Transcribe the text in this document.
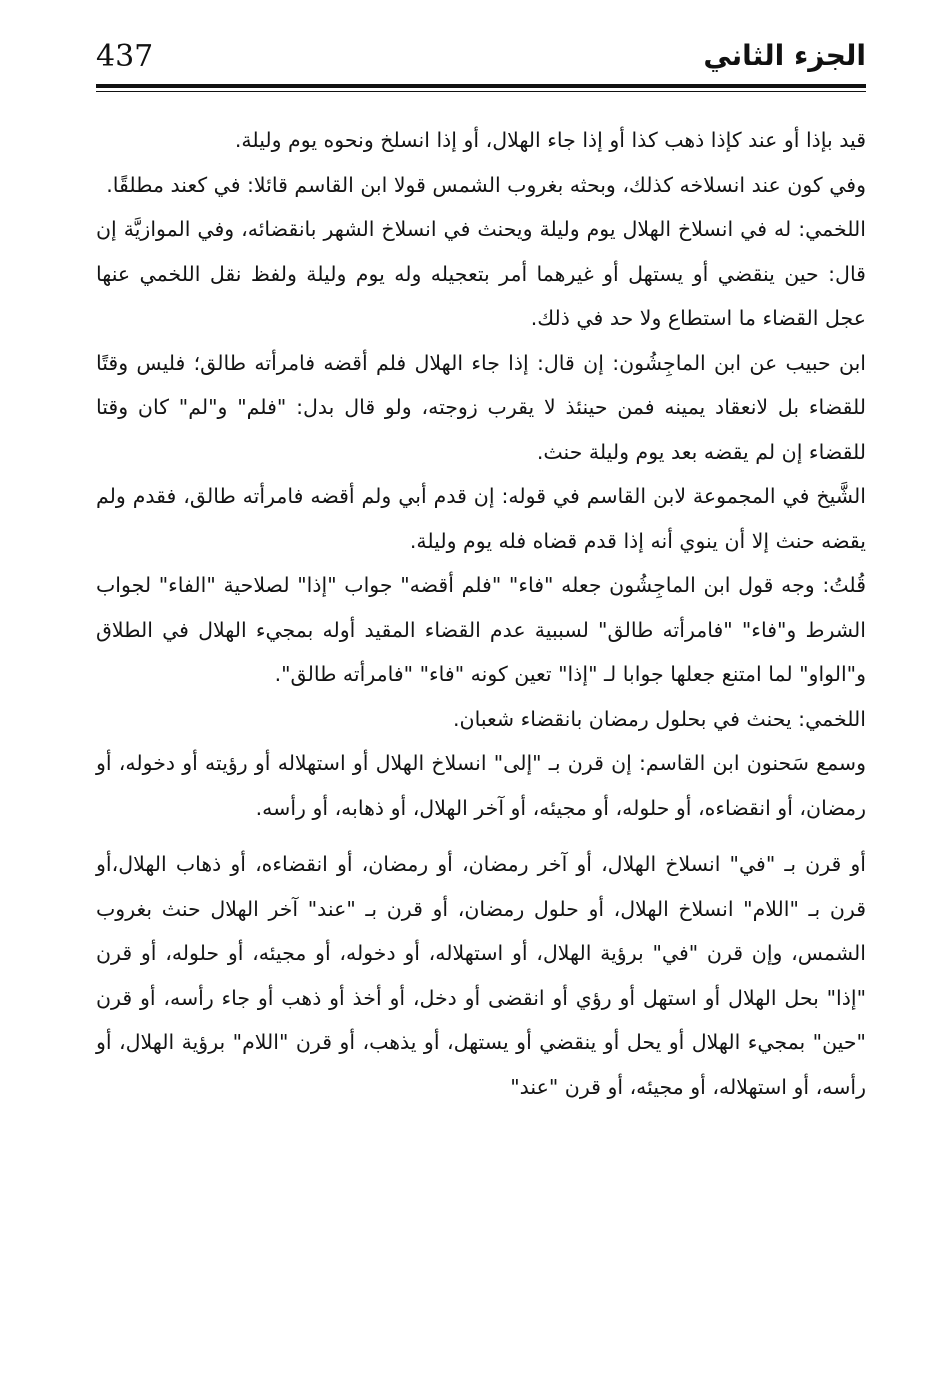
437	الجزء الثاني

قيد بإذا أو عند كإذا ذهب كذا أو إذا جاء الهلال، أو إذا انسلخ ونحوه يوم وليلة.

وفي كون عند انسلاخه كذلك، وبحثه بغروب الشمس قولا ابن القاسم قائلا: في كعند مطلقًا.

اللخمي: له في انسلاخ الهلال يوم وليلة ويحنث في انسلاخ الشهر بانقضائه، وفي الموازيَّة إن قال: حين ينقضي أو يستهل أو غيرهما أمر بتعجيله وله يوم وليلة ولفظ نقل اللخمي عنها عجل القضاء ما استطاع ولا حد في ذلك.

ابن حبيب عن ابن الماجِشُون: إن قال: إذا جاء الهلال فلم أقضه فامرأته طالق؛ فليس وقتًا للقضاء بل لانعقاد يمينه فمن حينئذ لا يقرب زوجته، ولو قال بدل: "فلم" و"لم" كان وقتا للقضاء إن لم يقضه بعد يوم وليلة حنث.

الشَّيخ في المجموعة لابن القاسم في قوله: إن قدم أبي ولم أقضه فامرأته طالق، فقدم ولم يقضه حنث إلا أن ينوي أنه إذا قدم قضاه فله يوم وليلة.

قُلتُ: وجه قول ابن الماجِشُون جعله "فاء" "فلم أقضه" جواب "إذا" لصلاحية "الفاء" لجواب الشرط و"فاء" "فامرأته طالق" لسببية عدم القضاء المقيد أوله بمجيء الهلال في الطلاق و"الواو" لما امتنع جعلها جوابا لـ "إذا" تعين كونه "فاء" "فامرأته طالق".

اللخمي: يحنث في بحلول رمضان بانقضاء شعبان.

وسمع سَحنون ابن القاسم: إن قرن بـ "إلى" انسلاخ الهلال أو استهلاله أو رؤيته أو دخوله، أو رمضان، أو انقضاءه، أو حلوله، أو مجيئه، أو آخر الهلال، أو ذهابه، أو رأسه.

أو قرن بـ "في" انسلاخ الهلال، أو آخر رمضان، أو رمضان، أو انقضاءه، أو ذهاب الهلال،أو قرن بـ "اللام" انسلاخ الهلال، أو حلول رمضان، أو قرن بـ "عند" آخر الهلال حنث بغروب الشمس، وإن قرن "في" برؤية الهلال، أو استهلاله، أو دخوله، أو مجيئه، أو حلوله، أو قرن "إذا" بحل الهلال أو استهل أو رؤي أو انقضى أو دخل، أو أخذ أو ذهب أو جاء رأسه، أو قرن "حين" بمجيء الهلال أو يحل أو ينقضي أو يستهل، أو يذهب، أو قرن "اللام" برؤية الهلال، أو رأسه، أو استهلاله، أو مجيئه، أو قرن "عند"
